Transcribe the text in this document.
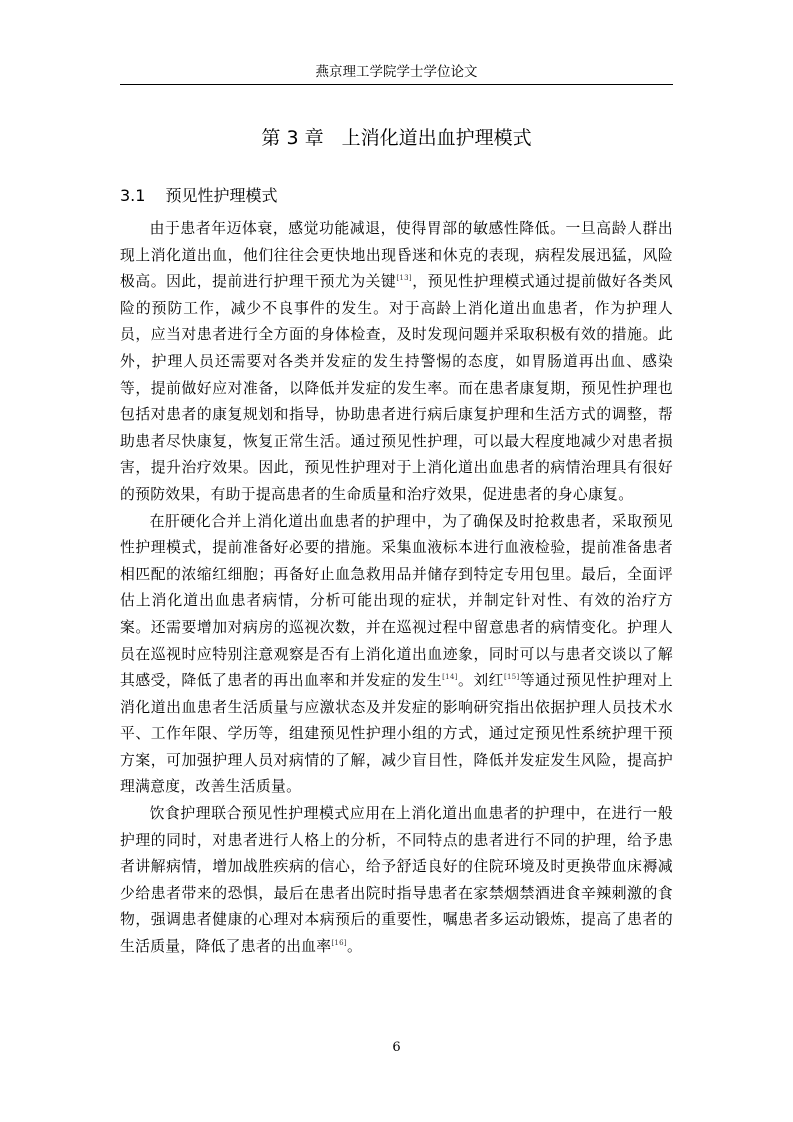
燕京理工学院学士学位论文
第 3 章 上消化道出血护理模式
3.1 预见性护理模式

由于患者年迈体衰，感觉功能减退，使得胃部的敏感性降低。一旦高龄人群出现上消化道出血，他们往往会更快地出现昏迷和休克的表现，病程发展迅猛，风险极高。因此，提前进行护理干预尤为关键[13]，预见性护理模式通过提前做好各类风险的预防工作，减少不良事件的发生。对于高龄上消化道出血患者，作为护理人员，应当对患者进行全方面的身体检查，及时发现问题并采取积极有效的措施。此外，护理人员还需要对各类并发症的发生持警惕的态度，如胃肠道再出血、感染等，提前做好应对准备，以降低并发症的发生率。而在患者康复期，预见性护理也包括对患者的康复规划和指导，协助患者进行病后康复护理和生活方式的调整，帮助患者尽快康复，恢复正常生活。通过预见性护理，可以最大程度地减少对患者损害，提升治疗效果。因此，预见性护理对于上消化道出血患者的病情治理具有很好的预防效果，有助于提高患者的生命质量和治疗效果，促进患者的身心康复。

在肝硬化合并上消化道出血患者的护理中，为了确保及时抢救患者，采取预见性护理模式，提前准备好必要的措施。采集血液标本进行血液检验，提前准备患者相匹配的浓缩红细胞；再备好止血急救用品并储存到特定专用包里。最后，全面评估上消化道出血患者病情，分析可能出现的症状，并制定针对性、有效的治疗方案。还需要增加对病房的巡视次数，并在巡视过程中留意患者的病情变化。护理人员在巡视时应特别注意观察是否有上消化道出血迹象，同时可以与患者交谈以了解其感受，降低了患者的再出血率和并发症的发生[14]。刘红[15]等通过预见性护理对上消化道出血患者生活质量与应激状态及并发症的影响研究指出依据护理人员技术水平、工作年限、学历等，组建预见性护理小组的方式，通过定预见性系统护理干预方案，可加强护理人员对病情的了解，减少盲目性，降低并发症发生风险，提高护理满意度，改善生活质量。

饮食护理联合预见性护理模式应用在上消化道出血患者的护理中，在进行一般护理的同时，对患者进行人格上的分析，不同特点的患者进行不同的护理，给予患者讲解病情，增加战胜疾病的信心，给予舒适良好的住院环境及时更换带血床褥减少给患者带来的恐惧，最后在患者出院时指导患者在家禁烟禁酒进食辛辣刺激的食物，强调患者健康的心理对本病预后的重要性，嘱患者多运动锻炼，提高了患者的生活质量，降低了患者的出血率[16]。

6
